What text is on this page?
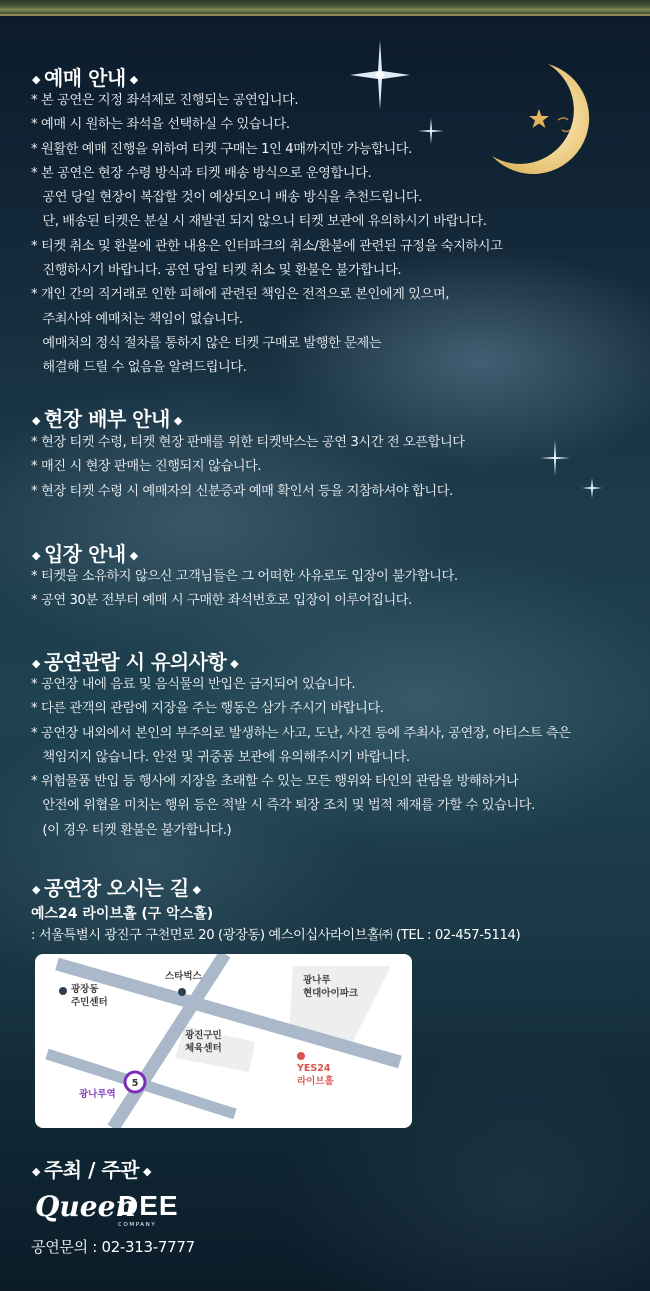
◆ 예매 안내 ◆
* 본 공연은 지정 좌석제로 진행되는 공연입니다.
* 예매 시 원하는 좌석을 선택하실 수 있습니다.
* 원활한 예매 진행을 위하여 티켓 구매는 1인 4매까지만 가능합니다.
* 본 공연은 현장 수령 방식과 티켓 배송 방식으로 운영합니다.
공연 당일 현장이 복잡할 것이 예상되오니 배송 방식을 추천드립니다.
단, 배송된 티켓은 분실 시 재발권 되지 않으니 티켓 보관에 유의하시기 바랍니다.
* 티켓 취소 및 환불에 관한 내용은 인터파크의 취소/환불에 관련된 규정을 숙지하시고
진행하시기 바랍니다. 공연 당일 티켓 취소 및 환불은 불가합니다.
* 개인 간의 직거래로 인한 피해에 관련된 책임은 전적으로 본인에게 있으며,
주최사와 예매처는 책임이 없습니다.
예매처의 정식 절차를 통하지 않은 티켓 구매로 발행한 문제는
해결해 드릴 수 없음을 알려드립니다.
◆ 현장 배부 안내 ◆
* 현장 티켓 수령, 티켓 현장 판매를 위한 티켓박스는 공연 3시간 전 오픈합니다
* 매진 시 현장 판매는 진행되지 않습니다.
* 현장 티켓 수령 시 예매자의 신분증과 예매 확인서 등을 지참하셔야 합니다.
◆ 입장 안내 ◆
* 티켓을 소유하지 않으신 고객님들은 그 어떠한 사유로도 입장이 불가합니다.
* 공연 30분 전부터 예매 시 구매한 좌석번호로 입장이 이루어집니다.
◆ 공연관람 시 유의사항 ◆
* 공연장 내에 음료 및 음식물의 반입은 금지되어 있습니다.
* 다른 관객의 관람에 지장을 주는 행동은 삼가 주시기 바랍니다.
* 공연장 내외에서 본인의 부주의로 발생하는 사고, 도난, 사건 등에 주최사, 공연장, 아티스트 측은
책임지지 않습니다. 안전 및 귀중품 보관에 유의해주시기 바랍니다.
* 위험물품 반입 등 행사에 지장을 초래할 수 있는 모든 행위와 타인의 관람을 방해하거나
안전에 위협을 미치는 행위 등은 적발 시 즉각 퇴장 조치 및 법적 제재를 가할 수 있습니다.
(이 경우 티켓 환불은 불가합니다.)
◆ 공연장 오시는 길 ◆
예스24 라이브홀 (구 악스홀)
: 서울특별시 광진구 구천면로 20 (광장동) 예스이십사라이브홀㈜ (TEL : 02-457-5114)
5
광장동
주민센터
스타벅스	광나루
현대아이파크
광진구민
체육센터
YES24
라이브홀
광나루역
◆ 주최 / 주관 ◆
Queen
DEE
COMPANY
공연문의 : 02-313-7777
